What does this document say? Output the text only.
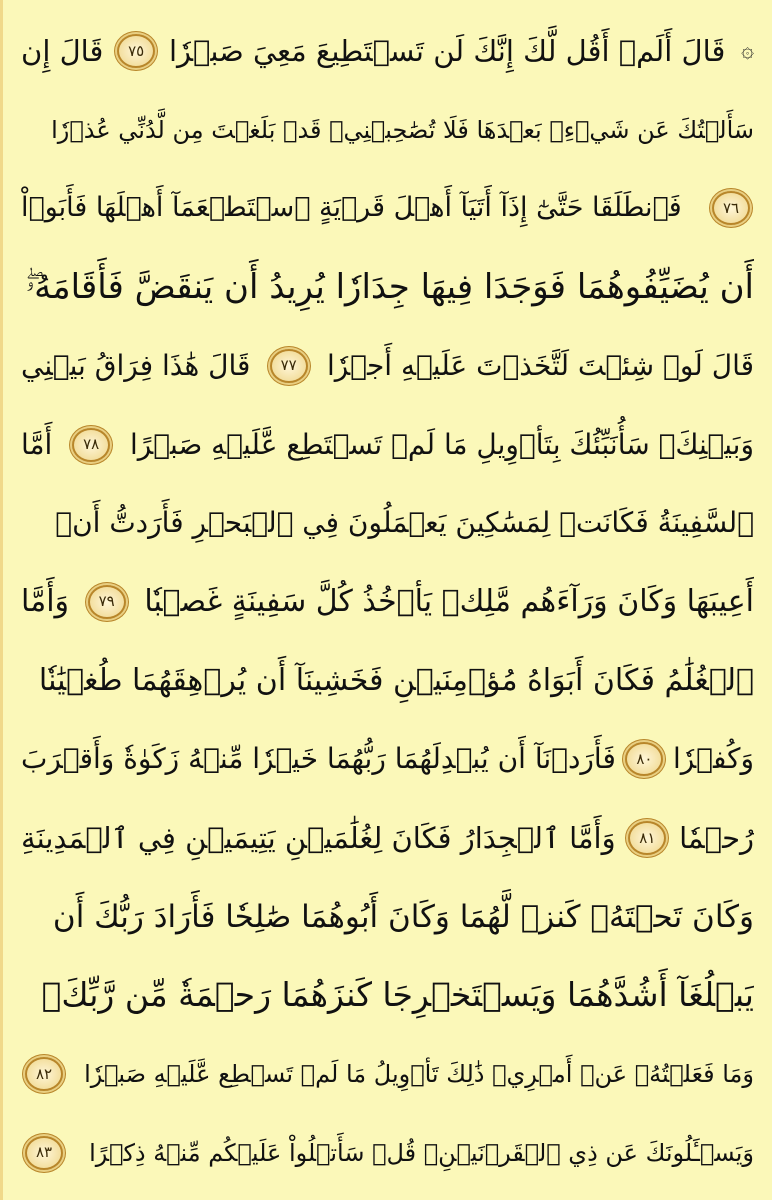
۞
قَالَ أَلَمۡ أَقُل لَّكَ إِنَّكَ لَن تَسۡتَطِيعَ مَعِيَ صَبۡرٗا
٧٥
قَالَ إِن
سَأَلۡتُكَ عَن شَيۡءِۭ بَعۡدَهَا فَلَا تُصَٰحِبۡنِيۖ قَدۡ بَلَغۡتَ مِن لَّدُنِّي عُذۡرٗا
٧٦
فَٱنطَلَقَا حَتَّىٰٓ إِذَآ أَتَيَآ أَهۡلَ قَرۡيَةٍ ٱسۡتَطۡعَمَآ أَهۡلَهَا فَأَبَوۡاْ
أَن يُضَيِّفُوهُمَا فَوَجَدَا فِيهَا جِدَارٗا يُرِيدُ أَن يَنقَضَّ فَأَقَامَهُۥۖ
قَالَ لَوۡ شِئۡتَ لَتَّخَذۡتَ عَلَيۡهِ أَجۡرٗا
٧٧
قَالَ هَٰذَا فِرَاقُ بَيۡنِي
وَبَيۡنِكَۚ سَأُنَبِّئُكَ بِتَأۡوِيلِ مَا لَمۡ تَسۡتَطِع عَّلَيۡهِ صَبۡرًا
٧٨
أَمَّا
ٱلسَّفِينَةُ فَكَانَتۡ لِمَسَٰكِينَ يَعۡمَلُونَ فِي ٱلۡبَحۡرِ فَأَرَدتُّ أَنۡ
أَعِيبَهَا وَكَانَ وَرَآءَهُم مَّلِكٞ يَأۡخُذُ كُلَّ سَفِينَةٍ غَصۡبٗا
٧٩
وَأَمَّا
ٱلۡغُلَٰمُ فَكَانَ أَبَوَاهُ مُؤۡمِنَيۡنِ فَخَشِينَآ أَن يُرۡهِقَهُمَا طُغۡيَٰنٗا
وَكُفۡرٗا
٨٠
فَأَرَدۡنَآ أَن يُبۡدِلَهُمَا رَبُّهُمَا خَيۡرٗا مِّنۡهُ زَكَوٰةٗ وَأَقۡرَبَ
رُحۡمٗا
٨١
وَأَمَّا ٱلۡجِدَارُ فَكَانَ لِغُلَٰمَيۡنِ يَتِيمَيۡنِ فِي ٱلۡمَدِينَةِ
وَكَانَ تَحۡتَهُۥ كَنزٞ لَّهُمَا وَكَانَ أَبُوهُمَا صَٰلِحٗا فَأَرَادَ رَبُّكَ أَن
يَبۡلُغَآ أَشُدَّهُمَا وَيَسۡتَخۡرِجَا كَنزَهُمَا رَحۡمَةٗ مِّن رَّبِّكَۚ
وَمَا فَعَلۡتُهُۥ عَنۡ أَمۡرِيۚ ذَٰلِكَ تَأۡوِيلُ مَا لَمۡ تَسۡطِع عَّلَيۡهِ صَبۡرٗا
٨٢
وَيَسۡـَٔلُونَكَ عَن ذِي ٱلۡقَرۡنَيۡنِۖ قُلۡ سَأَتۡلُواْ عَلَيۡكُم مِّنۡهُ ذِكۡرًا
٨٣
